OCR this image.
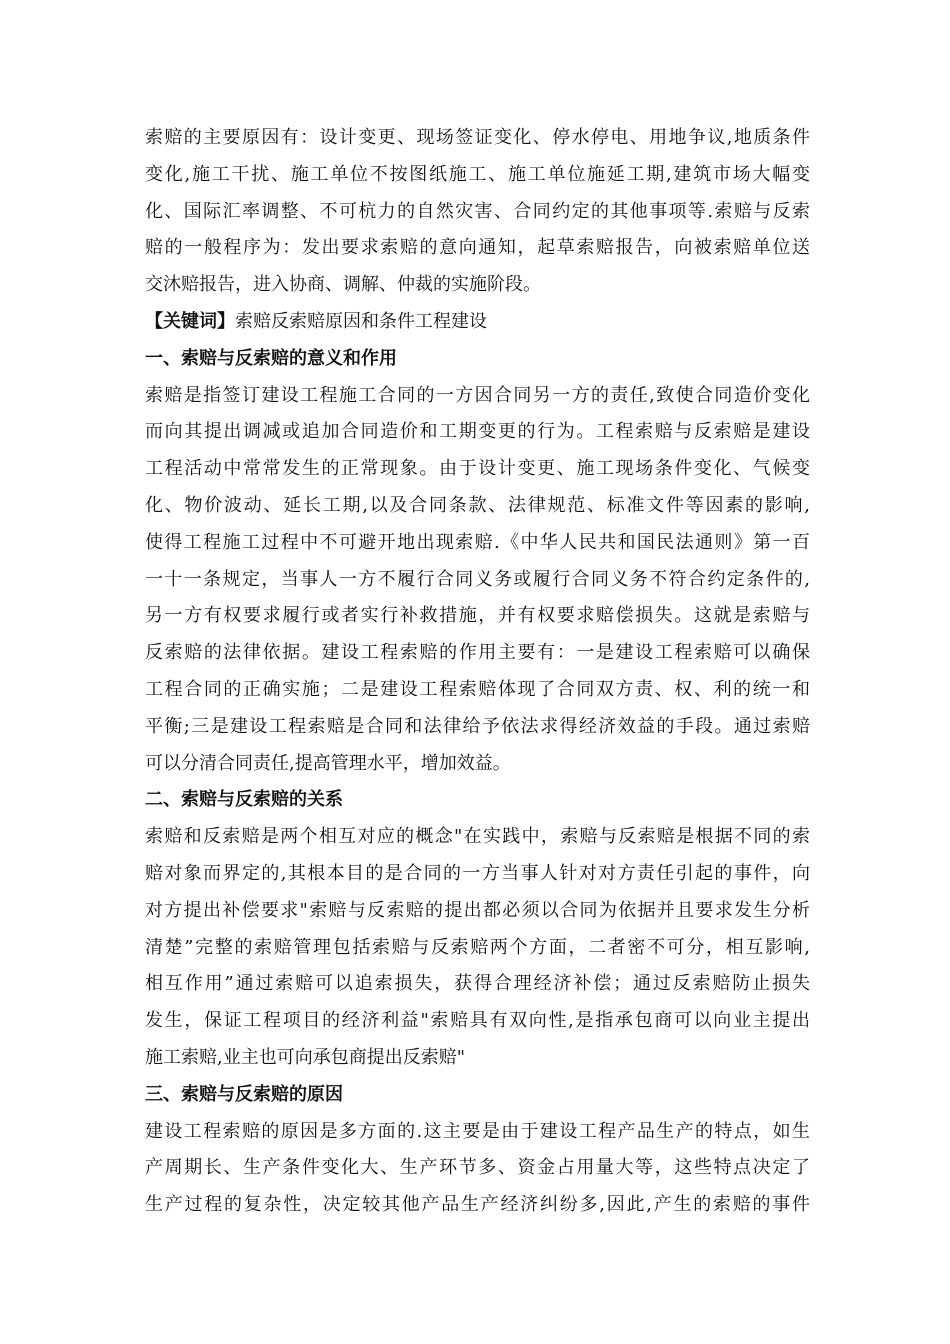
索赔的主要原因有：设计变更、现场签证变化、停水停电、用地争议,地质条件
变化,施工干扰、施工单位不按图纸施工、施工单位施延工期,建筑市场大幅变
化、国际汇率调整、不可杭力的自然灾害、合同约定的其他事项等.索赔与反索
赔的一般程序为：发出要求索赔的意向通知，起草索赔报告，向被索赔单位送
交沐赔报告，进入协商、调解、仲裁的实施阶段。
【关键词】索赔反索赔原因和条件工程建设
一、索赔与反索赔的意义和作用
索赔是指签订建设工程施工合同的一方因合同另一方的责任,致使合同造价变化
而向其提出调减或追加合同造价和工期变更的行为。工程索赔与反索赔是建设
工程活动中常常发生的正常现象。由于设计变更、施工现场条件变化、气候变
化、物价波动、延长工期,以及合同条款、法律规范、标准文件等因素的影响,
使得工程施工过程中不可避开地出现索赔.《中华人民共和国民法通则》第一百
一十一条规定，当事人一方不履行合同义务或履行合同义务不符合约定条件的,
另一方有权要求履行或者实行补救措施，并有权要求赔偿损失。这就是索赔与
反索赔的法律依据。建设工程索赔的作用主要有：一是建设工程索赔可以确保
工程合同的正确实施；二是建设工程索赔体现了合同双方责、权、利的统一和
平衡;三是建设工程索赔是合同和法律给予依法求得经济效益的手段。通过索赔
可以分清合同责任,提高管理水平，增加效益。
二、索赔与反索赔的关系
索赔和反索赔是两个相互对应的概念"在实践中，索赔与反索赔是根据不同的索
赔对象而界定的,其根本目的是合同的一方当事人针对对方责任引起的事件，向
对方提出补偿要求"索赔与反索赔的提出都必须以合同为依据并且要求发生分析
清楚”完整的索赔管理包括索赔与反索赔两个方面，二者密不可分，相互影响,
相互作用”通过索赔可以追索损失，获得合理经济补偿；通过反索赔防止损失
发生，保证工程项目的经济利益"索赔具有双向性,是指承包商可以向业主提出
施工索赔,业主也可向承包商提出反索赔"
三、索赔与反索赔的原因
建设工程索赔的原因是多方面的.这主要是由于建设工程产品生产的特点，如生
产周期长、生产条件变化大、生产环节多、资金占用量大等，这些特点决定了
生产过程的复杂性，决定较其他产品生产经济纠纷多,因此,产生的索赔的事件
